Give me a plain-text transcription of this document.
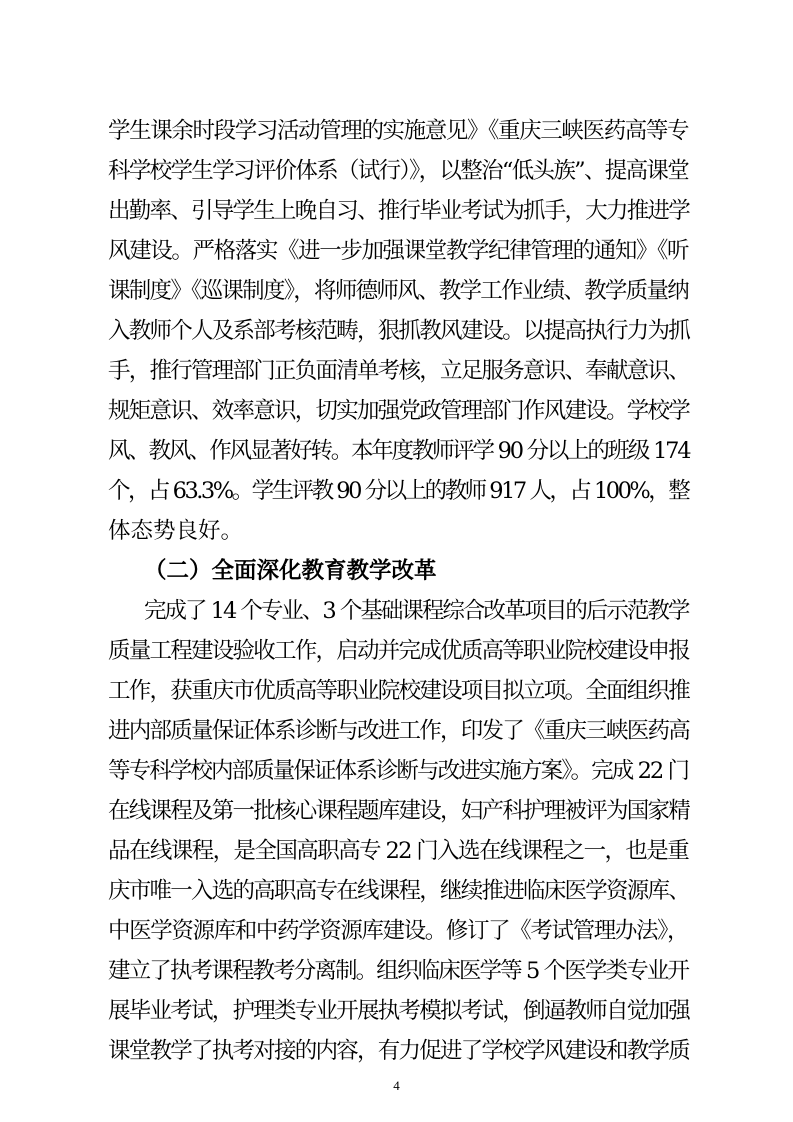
学生课余时段学习活动管理的实施意见》《重庆三峡医药高等专
科学校学生学习评价体系（试行）》，以整治“低头族”、提高课堂
出勤率、引导学生上晚自习、推行毕业考试为抓手，大力推进学
风建设。严格落实《进一步加强课堂教学纪律管理的通知》《听
课制度》《巡课制度》，将师德师风、教学工作业绩、教学质量纳
入教师个人及系部考核范畴，狠抓教风建设。以提高执行力为抓
手，推行管理部门正负面清单考核，立足服务意识、奉献意识、
规矩意识、效率意识，切实加强党政管理部门作风建设。学校学
风、教风、作风显著好转。本年度教师评学 90 分以上的班级 174
个，占 63.3%。学生评教 90 分以上的教师 917 人，占 100%，整
体态势良好。
（二）全面深化教育教学改革
完成了 14 个专业、3 个基础课程综合改革项目的后示范教学
质量工程建设验收工作，启动并完成优质高等职业院校建设申报
工作，获重庆市优质高等职业院校建设项目拟立项。全面组织推
进内部质量保证体系诊断与改进工作，印发了《重庆三峡医药高
等专科学校内部质量保证体系诊断与改进实施方案》。完成 22 门
在线课程及第一批核心课程题库建设，妇产科护理被评为国家精
品在线课程，是全国高职高专 22 门入选在线课程之一，也是重
庆市唯一入选的高职高专在线课程，继续推进临床医学资源库、
中医学资源库和中药学资源库建设。修订了《考试管理办法》，
建立了执考课程教考分离制。组织临床医学等 5 个医学类专业开
展毕业考试，护理类专业开展执考模拟考试，倒逼教师自觉加强
课堂教学了执考对接的内容，有力促进了学校学风建设和教学质
4
